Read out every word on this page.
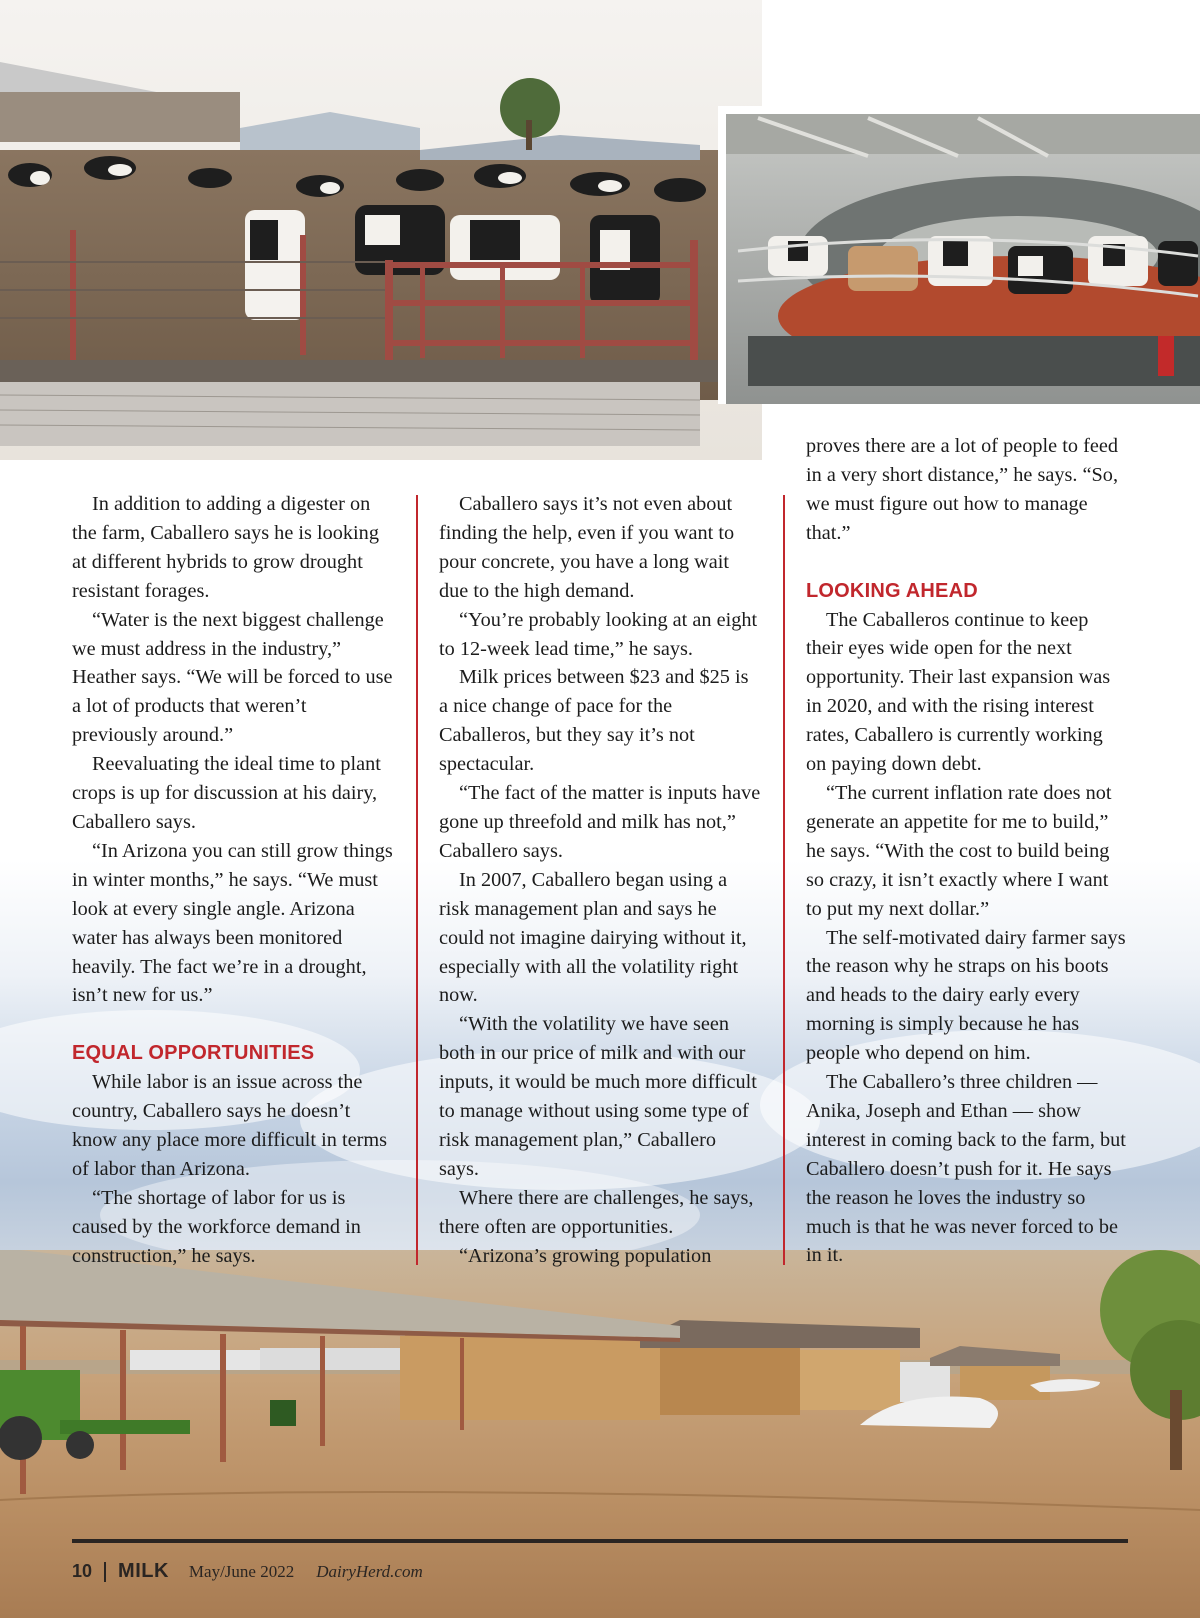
In addition to adding a digester on the farm, Caballero says he is looking at different hybrids to grow drought resistant forages.

“Water is the next biggest challenge we must address in the industry,” Heather says. “We will be forced to use a lot of products that weren’t previously around.”

Reevaluating the ideal time to plant crops is up for discussion at his dairy, Caballero says.

“In Arizona you can still grow things in winter months,” he says. “We must look at every single angle. Arizona water has always been monitored heavily. The fact we’re in a drought, isn’t new for us.”

EQUAL OPPORTUNITIES

While labor is an issue across the country, Caballero says he doesn’t know any place more difficult in terms of labor than Arizona.

“The shortage of labor for us is caused by the workforce demand in construction,” he says.

Caballero says it’s not even about finding the help, even if you want to pour concrete, you have a long wait due to the high demand.

“You’re probably looking at an eight to 12-week lead time,” he says.

Milk prices between $23 and $25 is a nice change of pace for the Caballeros, but they say it’s not spectacular.

“The fact of the matter is inputs have gone up threefold and milk has not,” Caballero says.

In 2007, Caballero began using a risk management plan and says he could not imagine dairying without it, especially with all the volatility right now.

“With the volatility we have seen both in our price of milk and with our inputs, it would be much more difficult to manage without using some type of risk management plan,” Caballero says.

Where there are challenges, he says, there often are opportunities.

“Arizona’s growing population

proves there are a lot of people to feed in a very short distance,” he says. “So, we must figure out how to manage that.”

LOOKING AHEAD

The Caballeros continue to keep their eyes wide open for the next opportunity. Their last expansion was in 2020, and with the rising interest rates, Caballero is currently working on paying down debt.

“The current inflation rate does not generate an appetite for me to build,” he says. “With the cost to build being so crazy, it isn’t exactly where I want to put my next dollar.”

The self-motivated dairy farmer says the reason why he straps on his boots and heads to the dairy early every morning is simply because he has people who depend on him.

The Caballero’s three children — Anika, Joseph and Ethan — show interest in coming back to the farm, but Caballero doesn’t push for it. He says the reason he loves the industry so much is that he was never forced to be in it.

10 MILK May/June 2022 DairyHerd.com
